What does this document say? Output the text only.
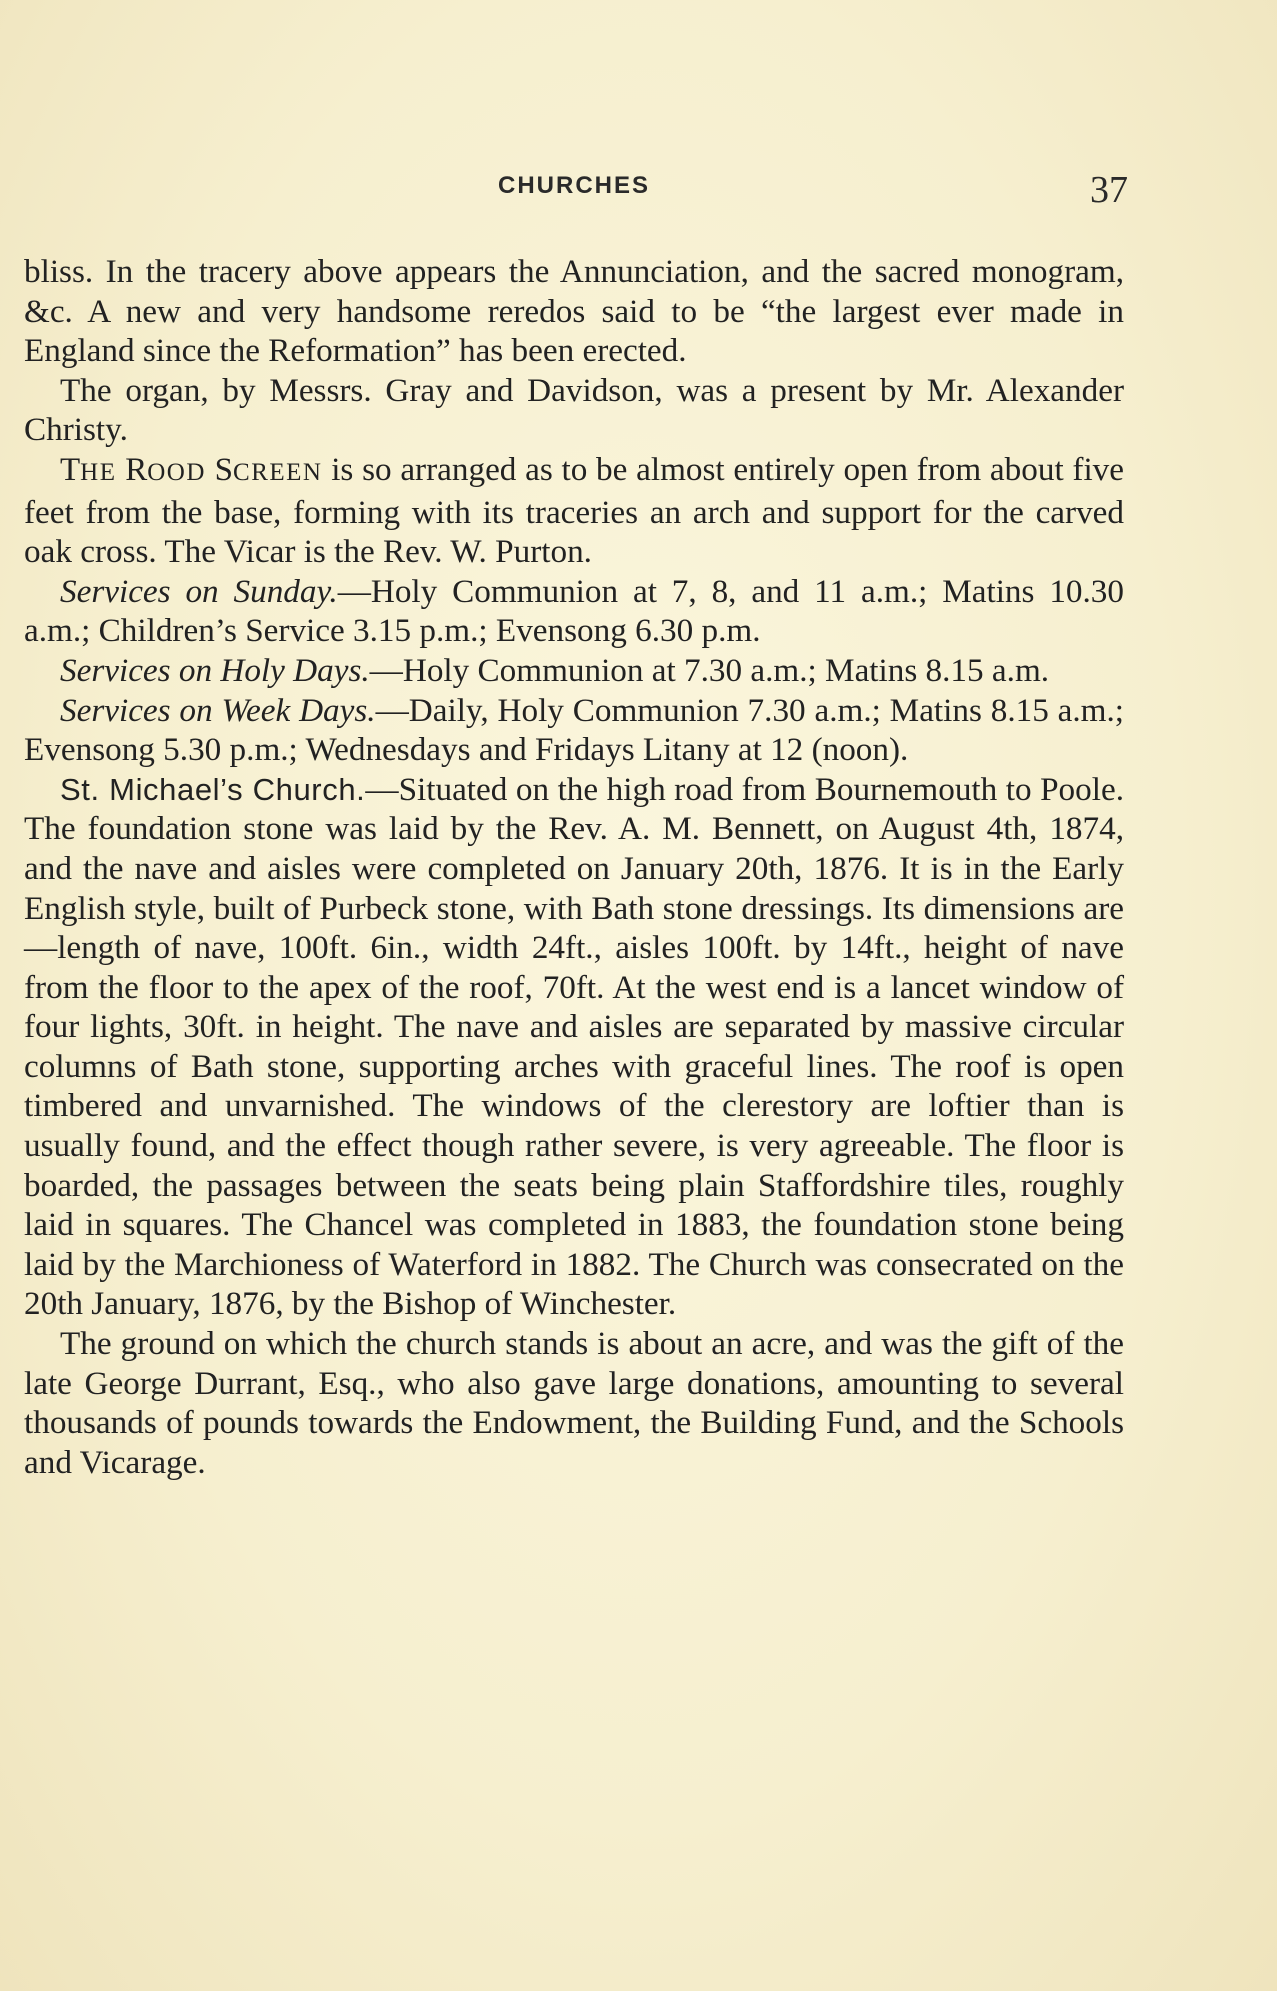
CHURCHES	37

bliss. In the tracery above appears the Annunciation, and the sacred monogram, &c. A new and very handsome reredos said to be “the largest ever made in England since the Reformation” has been erected.

The organ, by Messrs. Gray and Davidson, was a present by Mr. Alexander Christy.

THE ROOD SCREEN is so arranged as to be almost entirely open from about five feet from the base, forming with its traceries an arch and support for the carved oak cross. The Vicar is the Rev. W. Purton.

Services on Sunday.—Holy Communion at 7, 8, and 11 a.m.; Matins 10.30 a.m.; Children’s Service 3.15 p.m.; Evensong 6.30 p.m.

Services on Holy Days.—Holy Communion at 7.30 a.m.; Matins 8.15 a.m.

Services on Week Days.—Daily, Holy Communion 7.30 a.m.; Matins 8.15 a.m.; Evensong 5.30 p.m.; Wednesdays and Fridays Litany at 12 (noon).

St. Michael’s Church.—Situated on the high road from Bournemouth to Poole. The foundation stone was laid by the Rev. A. M. Bennett, on August 4th, 1874, and the nave and aisles were completed on January 20th, 1876. It is in the Early English style, built of Purbeck stone, with Bath stone dressings. Its dimensions are—length of nave, 100ft. 6in., width 24ft., aisles 100ft. by 14ft., height of nave from the floor to the apex of the roof, 70ft. At the west end is a lancet window of four lights, 30ft. in height. The nave and aisles are separated by massive circular columns of Bath stone, supporting arches with graceful lines. The roof is open timbered and unvarnished. The windows of the clerestory are loftier than is usually found, and the effect though rather severe, is very agreeable. The floor is boarded, the passages between the seats being plain Staffordshire tiles, roughly laid in squares. The Chancel was completed in 1883, the foundation stone being laid by the Marchioness of Waterford in 1882. The Church was consecrated on the 20th January, 1876, by the Bishop of Winchester.

The ground on which the church stands is about an acre, and was the gift of the late George Durrant, Esq., who also gave large donations, amounting to several thousands of pounds towards the Endowment, the Building Fund, and the Schools and Vicarage.
